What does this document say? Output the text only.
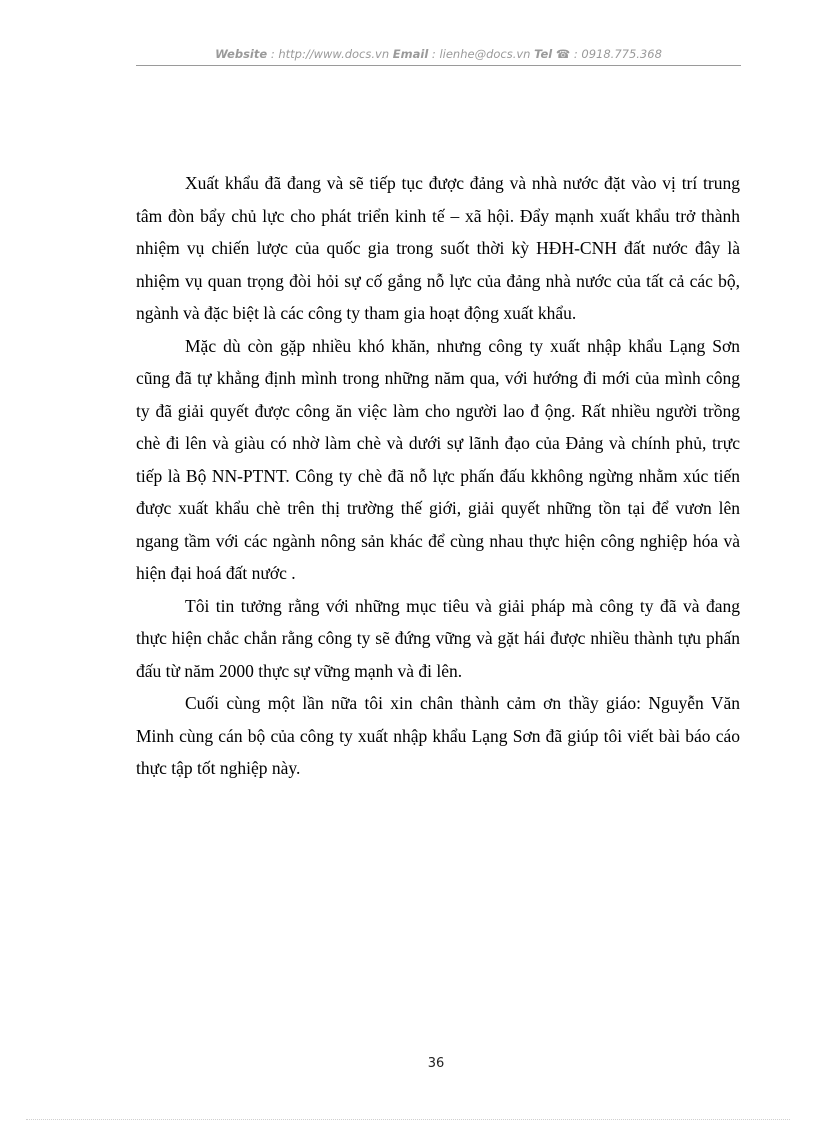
Website : http://www.docs.vn Email : lienhe@docs.vn Tel ☎ : 0918.775.368

Xuất khẩu đã đang và sẽ tiếp tục được đảng và nhà nước đặt vào vị trí trung tâm đòn bẩy chủ lực cho phát triển kinh tế – xã hội. Đẩy mạnh xuất khẩu trở thành nhiệm vụ chiến lược của quốc gia trong suốt thời kỳ HĐH-CNH đất nước đây là nhiệm vụ quan trọng đòi hỏi sự cố gắng nỗ lực của đảng nhà nước của tất cả các bộ, ngành và đặc biệt là các công ty tham gia hoạt động xuất khẩu.

Mặc dù còn gặp nhiều khó khăn, nhưng công ty xuất nhập khẩu Lạng Sơn cũng đã tự khẳng định mình trong những năm qua, với hướng đi mới của mình công ty đã giải quyết được công ăn việc làm cho người lao đ ộng. Rất nhiều người trồng chè đi lên và giàu có nhờ làm chè và dưới sự lãnh đạo của Đảng và chính phủ, trực tiếp là Bộ NN-PTNT. Công ty chè đã nỗ lực phấn đấu kkhông ngừng nhằm xúc tiến được xuất khẩu chè trên thị trường thế giới, giải quyết những tồn tại để vươn lên ngang tầm với các ngành nông sản khác để cùng nhau thực hiện công nghiệp hóa và hiện đại hoá đất nước .

Tôi tin tưởng rằng với những mục tiêu và giải pháp mà công ty đã và đang thực hiện chắc chắn rằng công ty sẽ đứng vững và gặt hái được nhiều thành tựu phấn đấu từ năm 2000 thực sự vững mạnh và đi lên.

Cuối cùng một lần nữa tôi xin chân thành cảm ơn thầy giáo: Nguyễn Văn Minh cùng cán bộ của công ty xuất nhập khẩu Lạng Sơn đã giúp tôi viết bài báo cáo thực tập tốt nghiệp này.

36
